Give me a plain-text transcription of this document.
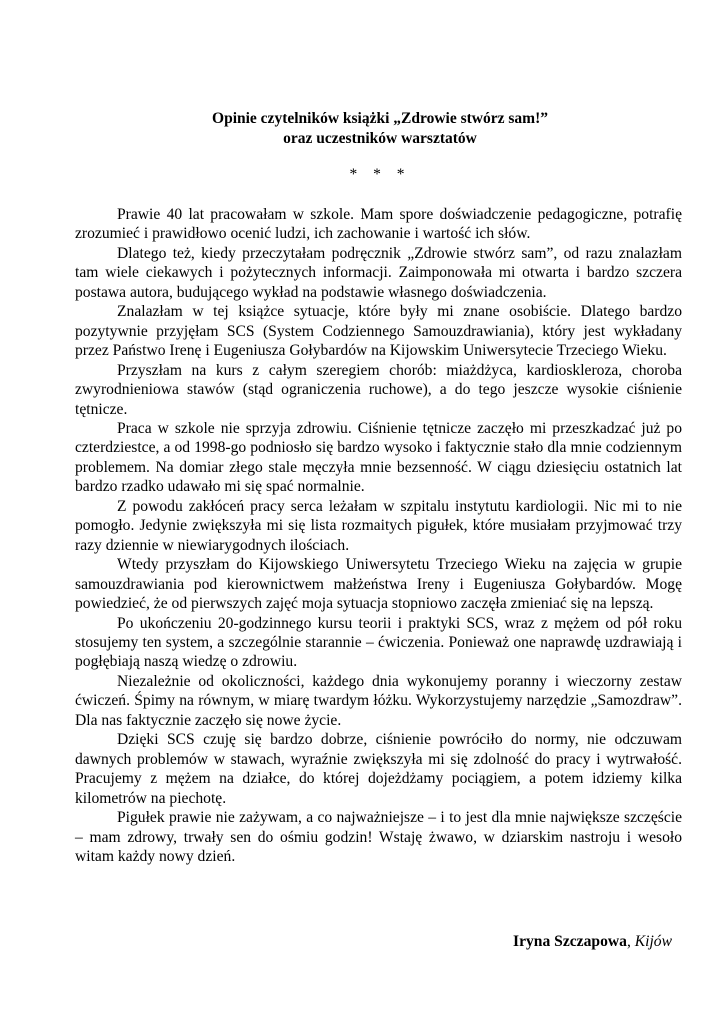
Opinie czytelników książki „Zdrowie stwórz sam!”
oraz uczestników warsztatów
* * *

Prawie 40 lat pracowałam w szkole. Mam spore doświadczenie pedagogiczne, potrafię zrozumieć i prawidłowo ocenić ludzi, ich zachowanie i wartość ich słów.

Dlatego też, kiedy przeczytałam podręcznik „Zdrowie stwórz sam”, od razu znalazłam tam wiele ciekawych i pożytecznych informacji. Zaimponowała mi otwarta i bardzo szczera postawa autora, budującego wykład na podstawie własnego doświadczenia.

Znalazłam w tej książce sytuacje, które były mi znane osobiście. Dlatego bardzo pozytywnie przyjęłam SCS (System Codziennego Samouzdrawiania), który jest wykładany przez Państwo Irenę i Eugeniusza Gołybardów na Kijowskim Uniwersytecie Trzeciego Wieku.

Przyszłam na kurs z całym szeregiem chorób: miażdżyca, kardioskleroza, choroba zwyrodnieniowa stawów (stąd ograniczenia ruchowe), a do tego jeszcze wysokie ciśnienie tętnicze.

Praca w szkole nie sprzyja zdrowiu. Ciśnienie tętnicze zaczęło mi przeszkadzać już po czterdziestce, a od 1998-go podniosło się bardzo wysoko i faktycznie stało dla mnie codziennym problemem. Na domiar złego stale męczyła mnie bezsenność. W ciągu dziesięciu ostatnich lat bardzo rzadko udawało mi się spać normalnie.

Z powodu zakłóceń pracy serca leżałam w szpitalu instytutu kardiologii. Nic mi to nie pomogło. Jedynie zwiększyła mi się lista rozmaitych pigułek, które musiałam przyjmować trzy razy dziennie w niewiarygodnych ilościach.

Wtedy przyszłam do Kijowskiego Uniwersytetu Trzeciego Wieku na zajęcia w grupie samouzdrawiania pod kierownictwem małżeństwa Ireny i Eugeniusza Gołybardów. Mogę powiedzieć, że od pierwszych zajęć moja sytuacja stopniowo zaczęła zmieniać się na lepszą.

Po ukończeniu 20-godzinnego kursu teorii i praktyki SCS, wraz z mężem od pół roku stosujemy ten system, a szczególnie starannie – ćwiczenia. Ponieważ one naprawdę uzdrawiają i pogłębiają naszą wiedzę o zdrowiu.

Niezależnie od okoliczności, każdego dnia wykonujemy poranny i wieczorny zestaw ćwiczeń. Śpimy na równym, w miarę twardym łóżku. Wykorzystujemy narzędzie „Samozdraw”. Dla nas faktycznie zaczęło się nowe życie.

Dzięki SCS czuję się bardzo dobrze, ciśnienie powróciło do normy, nie odczuwam dawnych problemów w stawach, wyraźnie zwiększyła mi się zdolność do pracy i wytrwałość. Pracujemy z mężem na działce, do której dojeżdżamy pociągiem, a potem idziemy kilka kilometrów na piechotę.

Pigułek prawie nie zażywam, a co najważniejsze – i to jest dla mnie największe szczęście – mam zdrowy, trwały sen do ośmiu godzin! Wstaję żwawo, w dziarskim nastroju i wesoło witam każdy nowy dzień.

Iryna Szczapowa, Kijów
